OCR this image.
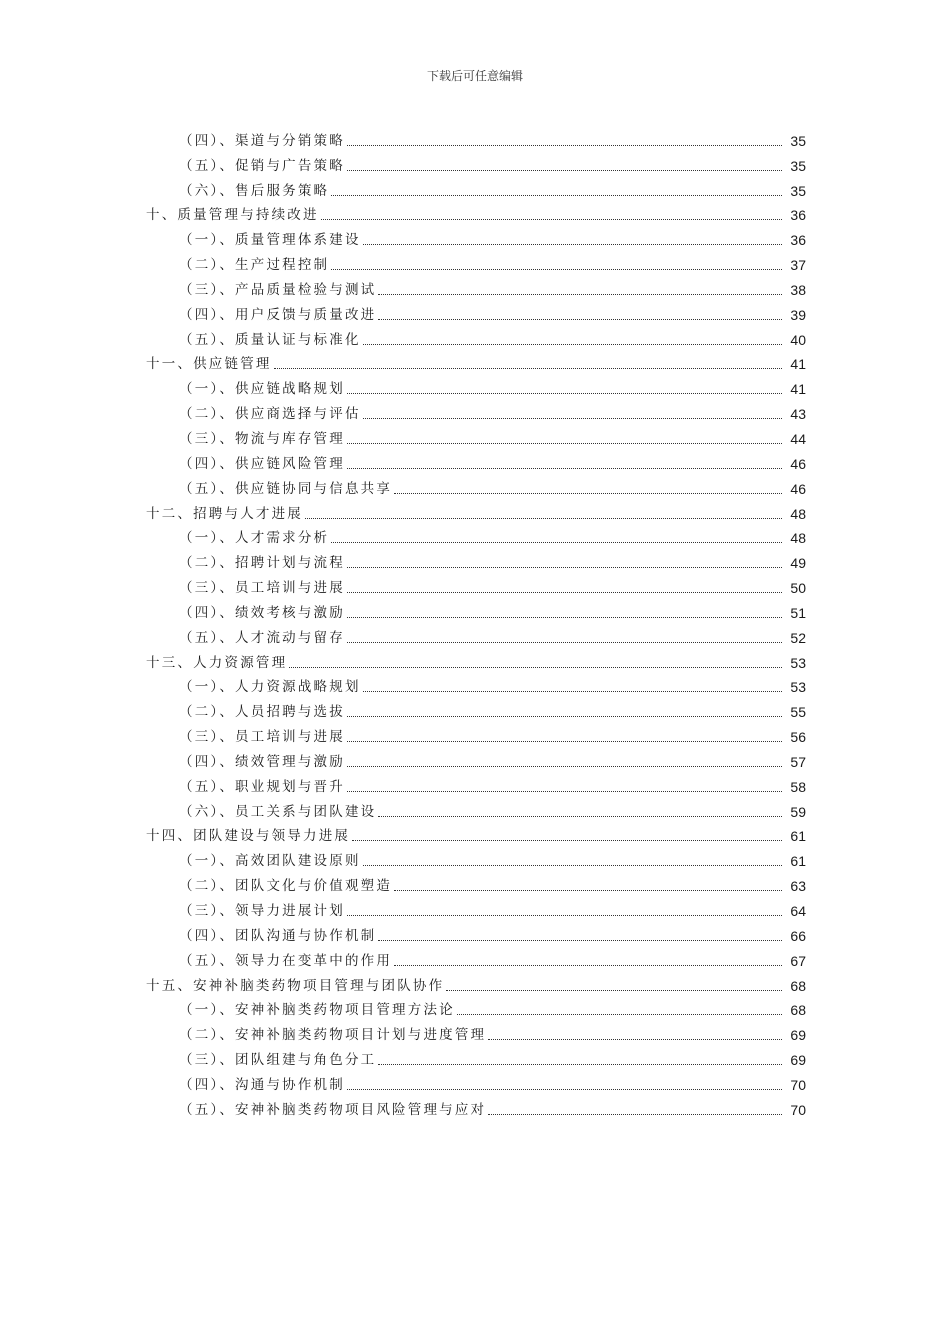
下载后可任意编辑
（四）、渠道与分销策略	35
（五）、促销与广告策略	35
（六）、售后服务策略	35
十、质量管理与持续改进	36
（一）、质量管理体系建设	36
（二）、生产过程控制	37
（三）、产品质量检验与测试	38
（四）、用户反馈与质量改进	39
（五）、质量认证与标准化	40
十一、供应链管理	41
（一）、供应链战略规划	41
（二）、供应商选择与评估	43
（三）、物流与库存管理	44
（四）、供应链风险管理	46
（五）、供应链协同与信息共享	46
十二、招聘与人才进展	48
（一）、人才需求分析	48
（二）、招聘计划与流程	49
（三）、员工培训与进展	50
（四）、绩效考核与激励	51
（五）、人才流动与留存	52
十三、人力资源管理	53
（一）、人力资源战略规划	53
（二）、人员招聘与选拔	55
（三）、员工培训与进展	56
（四）、绩效管理与激励	57
（五）、职业规划与晋升	58
（六）、员工关系与团队建设	59
十四、团队建设与领导力进展	61
（一）、高效团队建设原则	61
（二）、团队文化与价值观塑造	63
（三）、领导力进展计划	64
（四）、团队沟通与协作机制	66
（五）、领导力在变革中的作用	67
十五、安神补脑类药物项目管理与团队协作	68
（一）、安神补脑类药物项目管理方法论	68
（二）、安神补脑类药物项目计划与进度管理	69
（三）、团队组建与角色分工	69
（四）、沟通与协作机制	70
（五）、安神补脑类药物项目风险管理与应对	70
